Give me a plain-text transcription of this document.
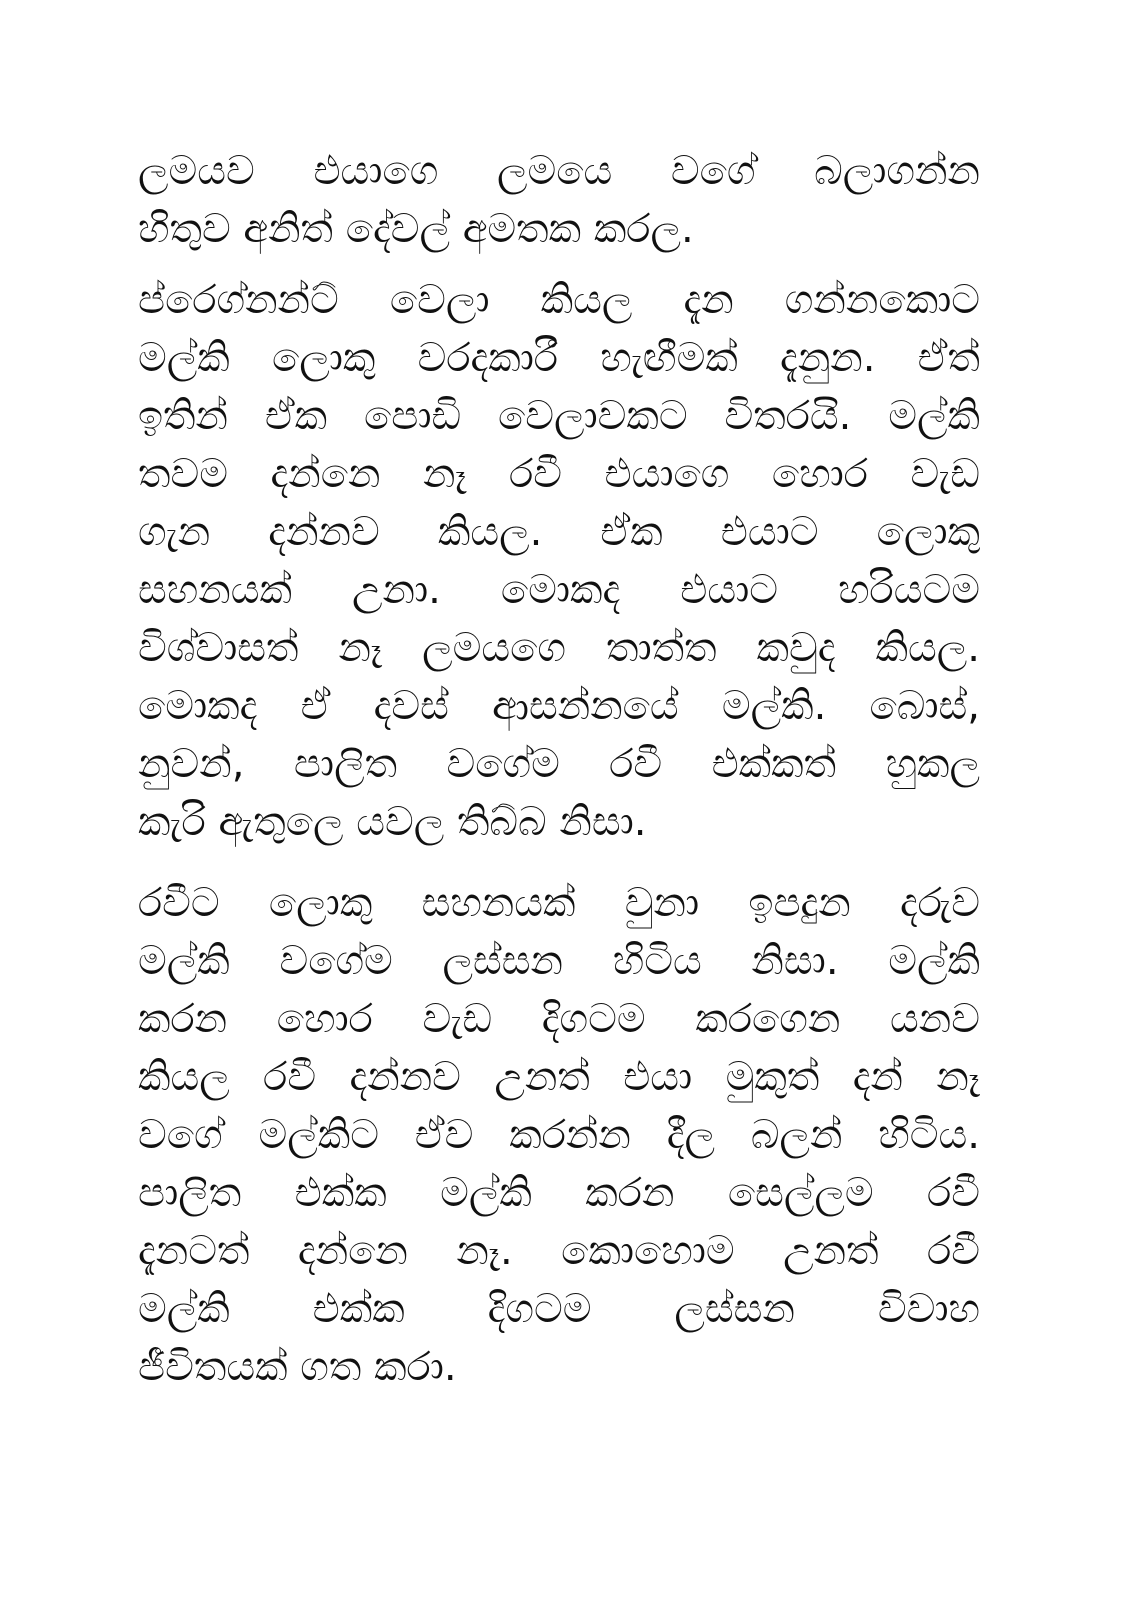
ලමයව එයාගෙ ලමයෙ වගේ බලාගන්න
හිතුව අනිත් දේවල් අමතක කරල.
ප්රෙග්නන්ට් වෙලා කියල දැන ගන්නකොට
මල්කි ලොකු වරදකාරී හැඟීමක් දැනුන. ඒත්
ඉතින් ඒක පොඩි වෙලාවකට විතරයි. මල්කි
තවම දන්නෙ නෑ රවී එයාගෙ හොර වැඩ
ගැන දන්නව කියල. ඒක එයාට ලොකු
සහනයක් උනා. මොකද එයාට හරියටම
විශ්වාසත් නෑ ලමයගෙ තාත්ත කවුද කියල.
මොකද ඒ දවස් ආසන්නයේ මල්කි. බොස්,
නුවන්, පාලිත වගේම රවී එක්කත් හුකල
කැරි ඇතුලෙ යවල තිබ්බ නිසා.
රවීට ලොකු සහනයක් වුනා ඉපදුන දරුව
මල්කි වගේම ලස්සන හිටිය නිසා. මල්කි
කරන හොර වැඩ දිගටම කරගෙන යනව
කියල රවී දන්නව උනත් එයා මුකුත් දන් නෑ
වගේ මල්කිට ඒව කරන්න දීල බලන් හිටිය.
පාලිත එක්ක මල්කි කරන සෙල්ලම රවී
දැනටත් දන්නෙ නෑ. කොහොම උනත් රවී
මල්කි එක්ක දිගටම ලස්සන විවාහ
ජීවිතයක් ගත කරා.
